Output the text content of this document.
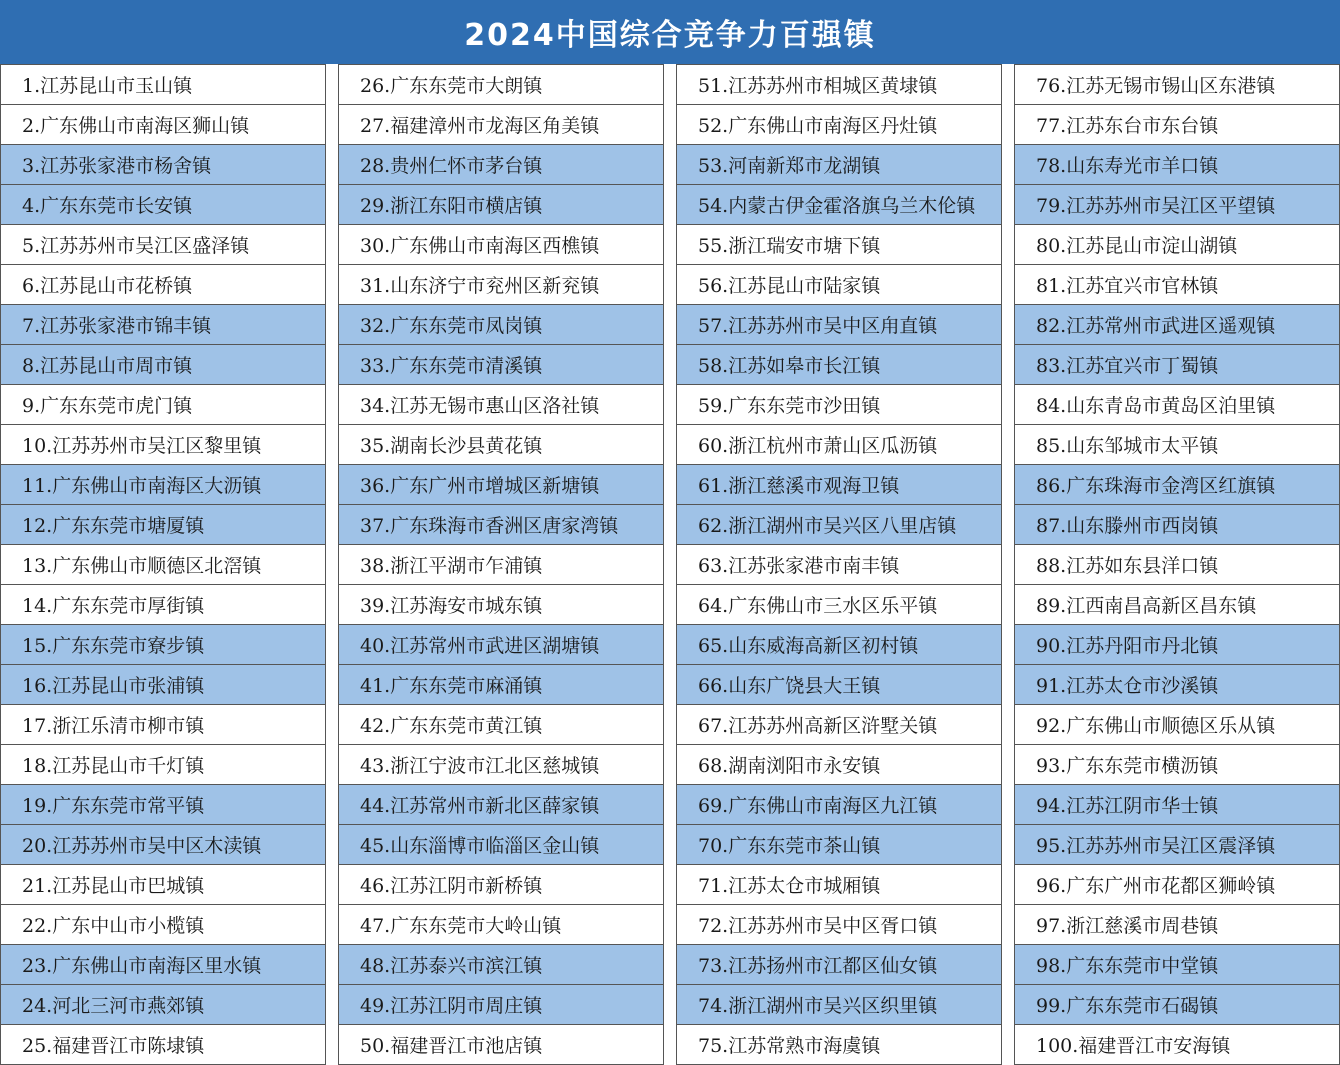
2024中国综合竞争力百强镇
1.江苏昆山市玉山镇
2.广东佛山市南海区狮山镇
3.江苏张家港市杨舍镇
4.广东东莞市长安镇
5.江苏苏州市吴江区盛泽镇
6.江苏昆山市花桥镇
7.江苏张家港市锦丰镇
8.江苏昆山市周市镇
9.广东东莞市虎门镇
10.江苏苏州市吴江区黎里镇
11.广东佛山市南海区大沥镇
12.广东东莞市塘厦镇
13.广东佛山市顺德区北滘镇
14.广东东莞市厚街镇
15.广东东莞市寮步镇
16.江苏昆山市张浦镇
17.浙江乐清市柳市镇
18.江苏昆山市千灯镇
19.广东东莞市常平镇
20.江苏苏州市吴中区木渎镇
21.江苏昆山市巴城镇
22.广东中山市小榄镇
23.广东佛山市南海区里水镇
24.河北三河市燕郊镇
25.福建晋江市陈埭镇
26.广东东莞市大朗镇
27.福建漳州市龙海区角美镇
28.贵州仁怀市茅台镇
29.浙江东阳市横店镇
30.广东佛山市南海区西樵镇
31.山东济宁市兖州区新兖镇
32.广东东莞市凤岗镇
33.广东东莞市清溪镇
34.江苏无锡市惠山区洛社镇
35.湖南长沙县黄花镇
36.广东广州市增城区新塘镇
37.广东珠海市香洲区唐家湾镇
38.浙江平湖市乍浦镇
39.江苏海安市城东镇
40.江苏常州市武进区湖塘镇
41.广东东莞市麻涌镇
42.广东东莞市黄江镇
43.浙江宁波市江北区慈城镇
44.江苏常州市新北区薛家镇
45.山东淄博市临淄区金山镇
46.江苏江阴市新桥镇
47.广东东莞市大岭山镇
48.江苏泰兴市滨江镇
49.江苏江阴市周庄镇
50.福建晋江市池店镇
51.江苏苏州市相城区黄埭镇
52.广东佛山市南海区丹灶镇
53.河南新郑市龙湖镇
54.内蒙古伊金霍洛旗乌兰木伦镇
55.浙江瑞安市塘下镇
56.江苏昆山市陆家镇
57.江苏苏州市吴中区甪直镇
58.江苏如皋市长江镇
59.广东东莞市沙田镇
60.浙江杭州市萧山区瓜沥镇
61.浙江慈溪市观海卫镇
62.浙江湖州市吴兴区八里店镇
63.江苏张家港市南丰镇
64.广东佛山市三水区乐平镇
65.山东威海高新区初村镇
66.山东广饶县大王镇
67.江苏苏州高新区浒墅关镇
68.湖南浏阳市永安镇
69.广东佛山市南海区九江镇
70.广东东莞市茶山镇
71.江苏太仓市城厢镇
72.江苏苏州市吴中区胥口镇
73.江苏扬州市江都区仙女镇
74.浙江湖州市吴兴区织里镇
75.江苏常熟市海虞镇
76.江苏无锡市锡山区东港镇
77.江苏东台市东台镇
78.山东寿光市羊口镇
79.江苏苏州市吴江区平望镇
80.江苏昆山市淀山湖镇
81.江苏宜兴市官林镇
82.江苏常州市武进区遥观镇
83.江苏宜兴市丁蜀镇
84.山东青岛市黄岛区泊里镇
85.山东邹城市太平镇
86.广东珠海市金湾区红旗镇
87.山东滕州市西岗镇
88.江苏如东县洋口镇
89.江西南昌高新区昌东镇
90.江苏丹阳市丹北镇
91.江苏太仓市沙溪镇
92.广东佛山市顺德区乐从镇
93.广东东莞市横沥镇
94.江苏江阴市华士镇
95.江苏苏州市吴江区震泽镇
96.广东广州市花都区狮岭镇
97.浙江慈溪市周巷镇
98.广东东莞市中堂镇
99.广东东莞市石碣镇
100.福建晋江市安海镇
